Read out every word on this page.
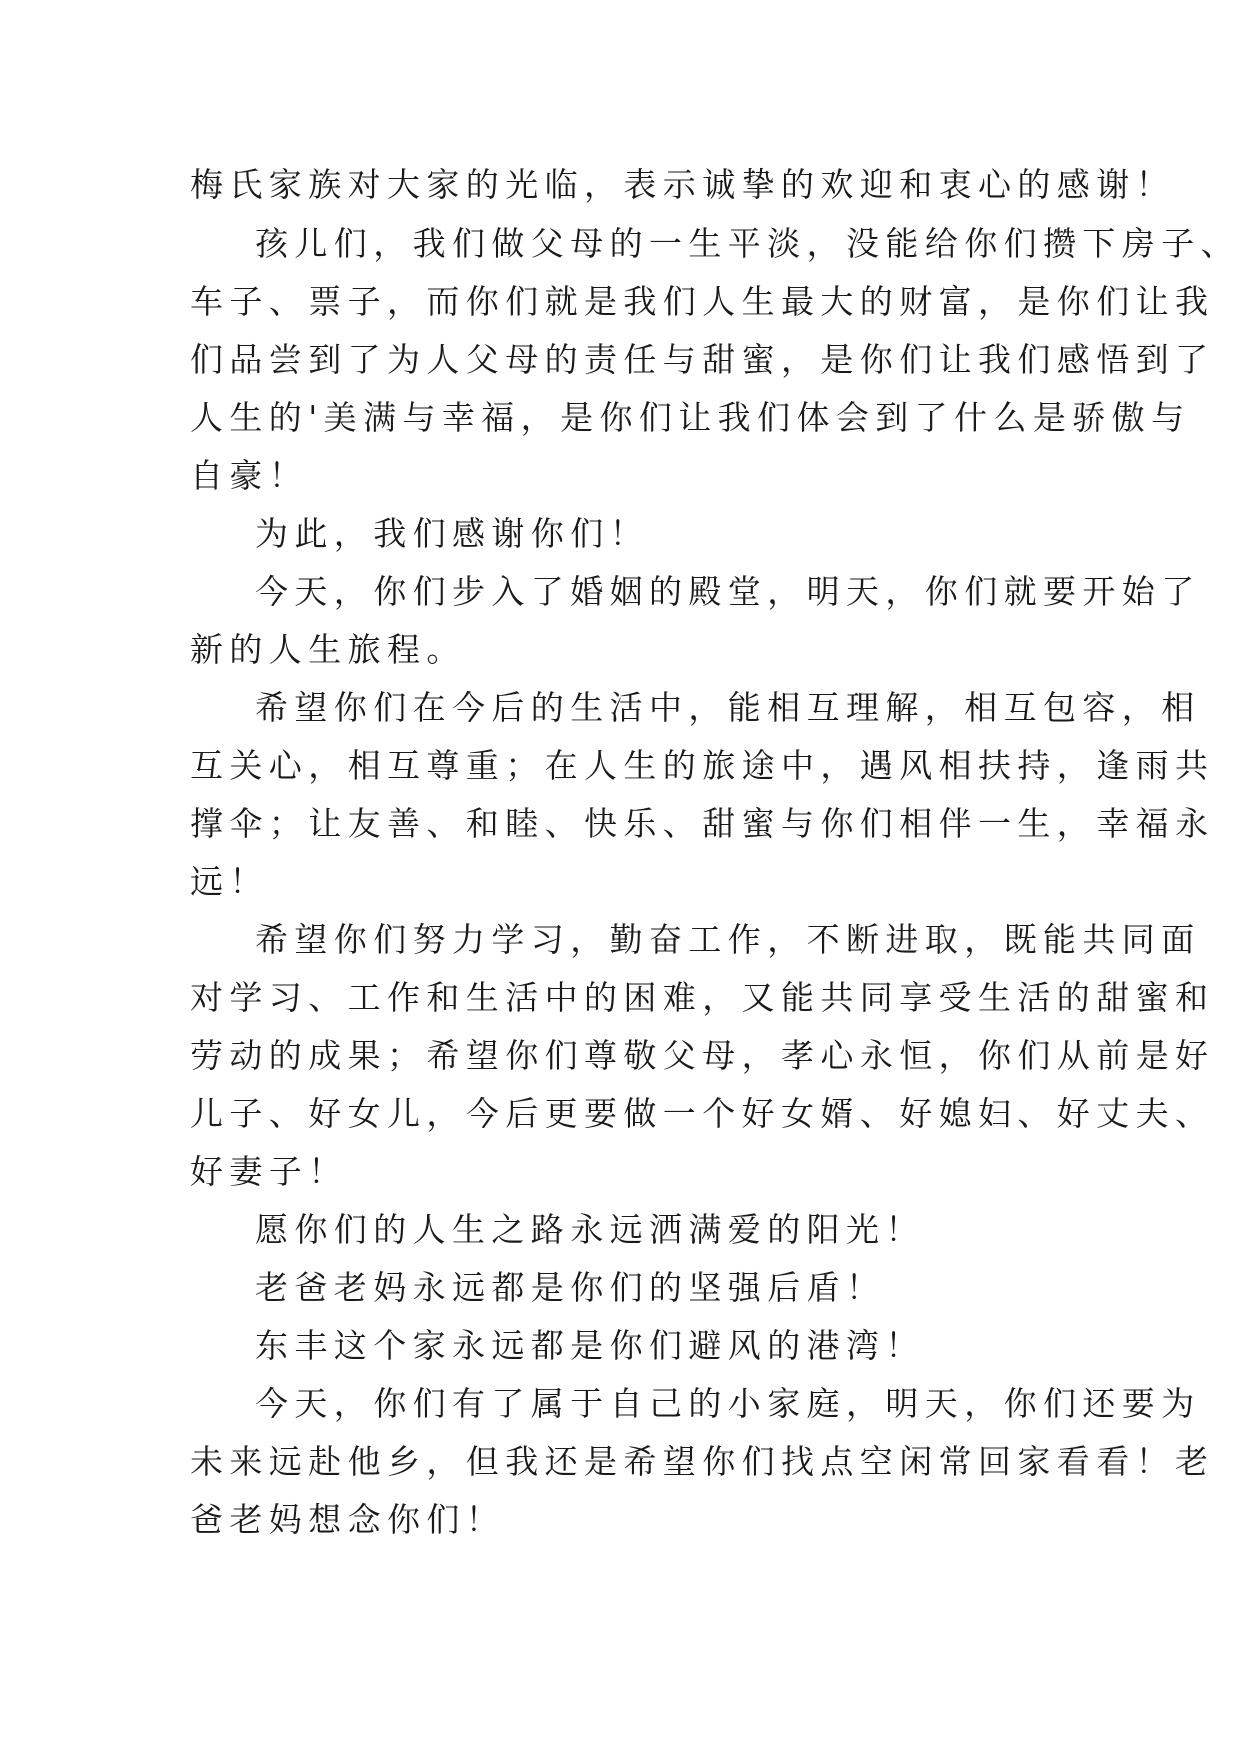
梅氏家族对大家的光临，表示诚挚的欢迎和衷心的感谢！
孩儿们，我们做父母的一生平淡，没能给你们攒下房子、
车子、票子，而你们就是我们人生最大的财富，是你们让我
们品尝到了为人父母的责任与甜蜜，是你们让我们感悟到了
人生的'美满与幸福，是你们让我们体会到了什么是骄傲与
自豪！
为此，我们感谢你们！
今天，你们步入了婚姻的殿堂，明天，你们就要开始了
新的人生旅程。
希望你们在今后的生活中，能相互理解，相互包容，相
互关心，相互尊重；在人生的旅途中，遇风相扶持，逢雨共
撑伞；让友善、和睦、快乐、甜蜜与你们相伴一生，幸福永
远！
希望你们努力学习，勤奋工作，不断进取，既能共同面
对学习、工作和生活中的困难，又能共同享受生活的甜蜜和
劳动的成果；希望你们尊敬父母，孝心永恒，你们从前是好
儿子、好女儿，今后更要做一个好女婿、好媳妇、好丈夫、
好妻子！
愿你们的人生之路永远洒满爱的阳光！
老爸老妈永远都是你们的坚强后盾！
东丰这个家永远都是你们避风的港湾！
今天，你们有了属于自己的小家庭，明天，你们还要为
未来远赴他乡，但我还是希望你们找点空闲常回家看看！老
爸老妈想念你们！
